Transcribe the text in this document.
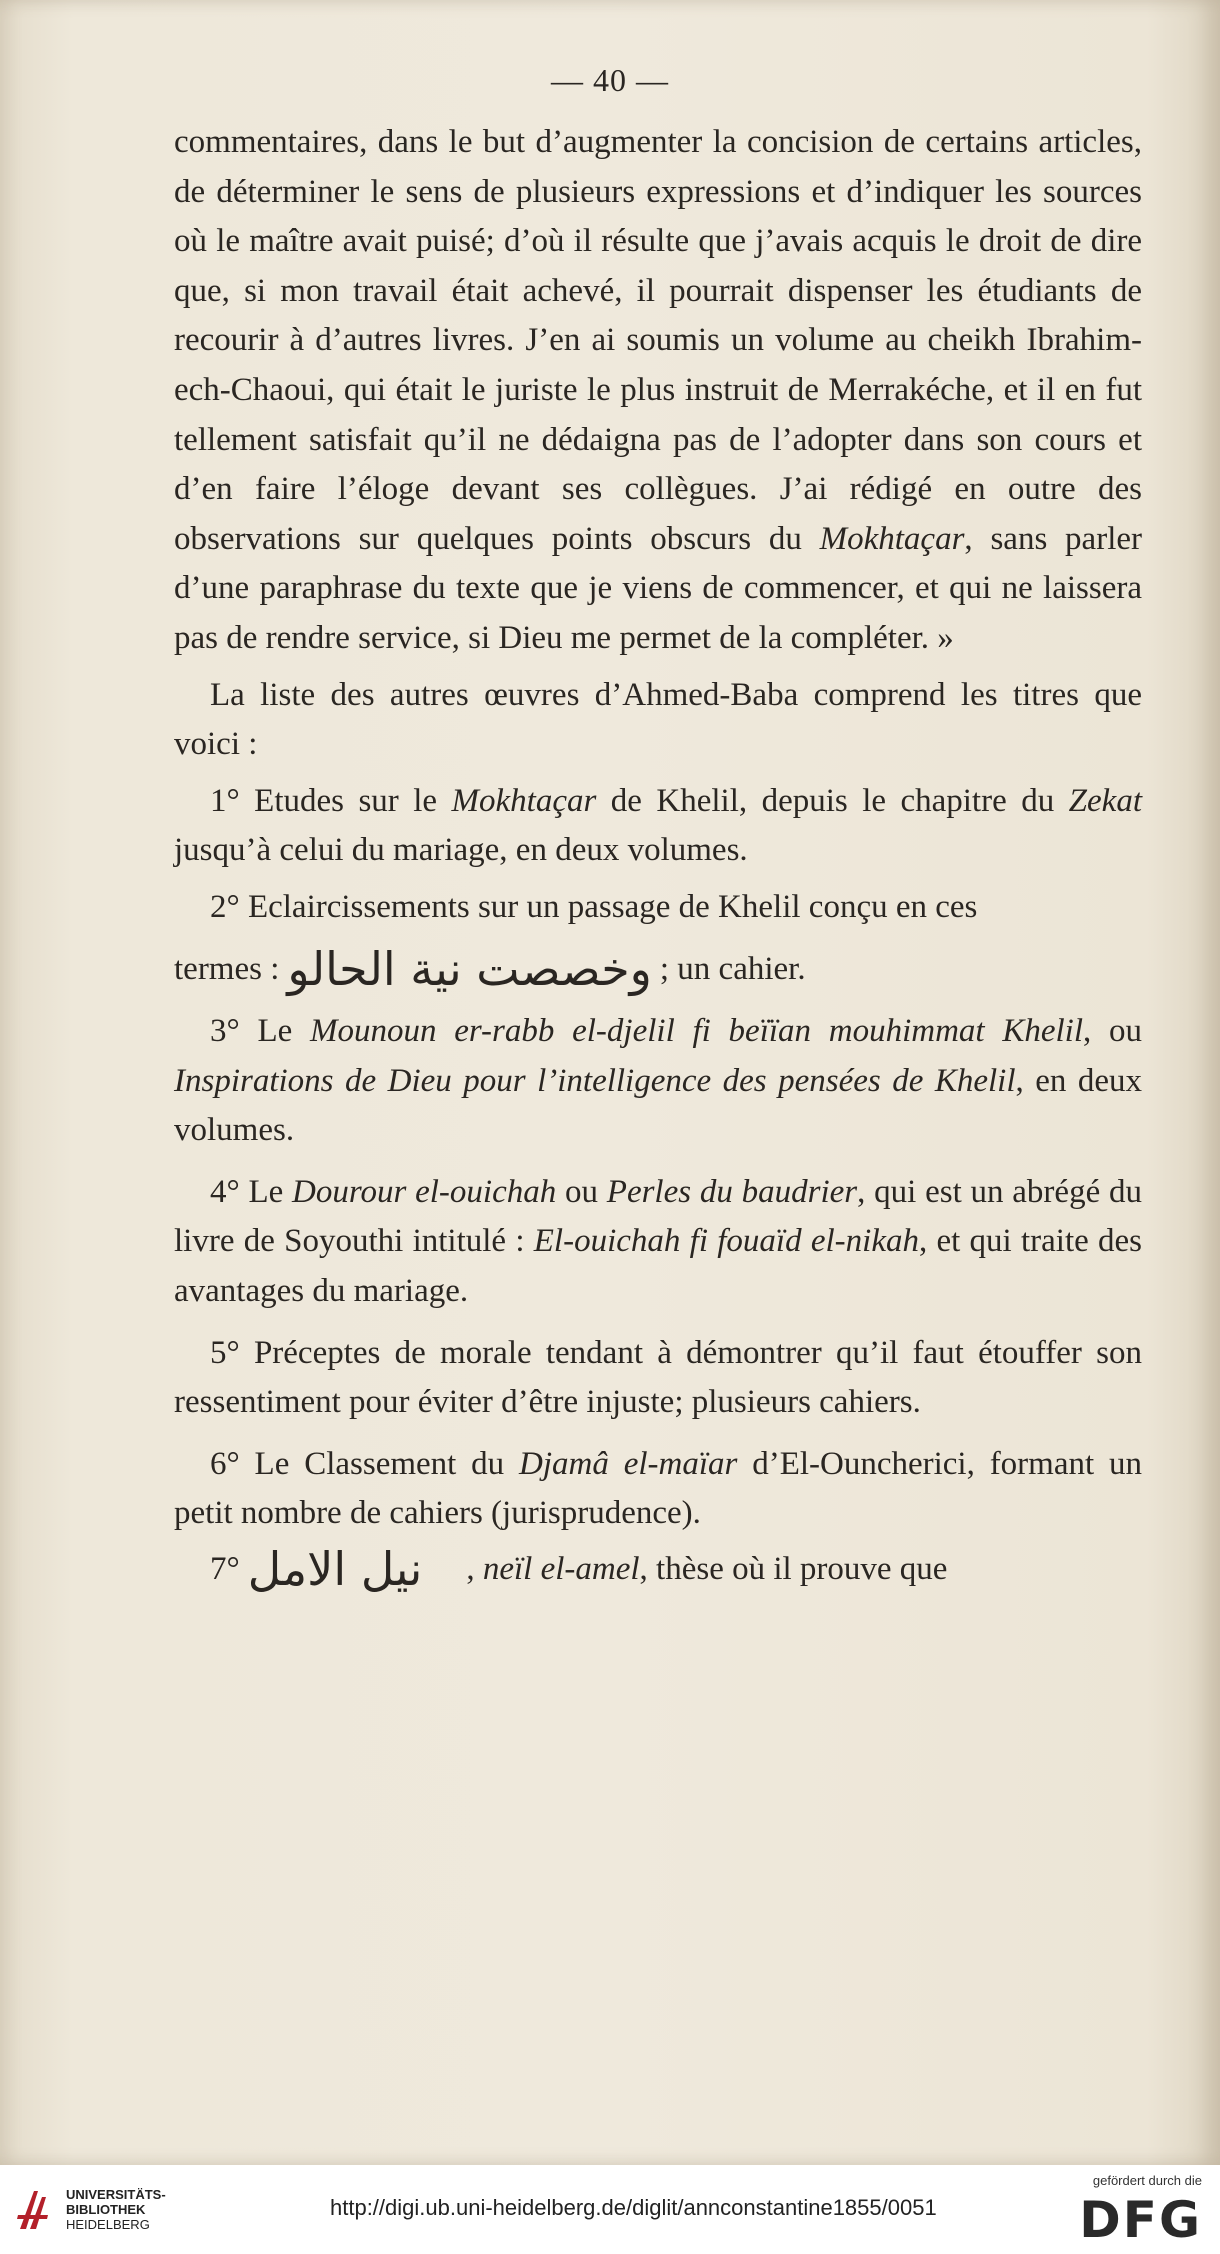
— 40 —

commentaires, dans le but d’augmenter la concision de certains articles, de déterminer le sens de plusieurs expressions et d’indiquer les sources où le maître avait puisé; d’où il résulte que j’avais acquis le droit de dire que, si mon travail était achevé, il pourrait dispenser les étudiants de recourir à d’autres livres. J’en ai soumis un volume au cheikh Ibrahim-ech-Chaoui, qui était le juriste le plus instruit de Merrakéche, et il en fut tellement satisfait qu’il ne dédaigna pas de l’adopter dans son cours et d’en faire l’éloge devant ses collègues. J’ai rédigé en outre des observations sur quelques points obscurs du Mokhtaçar, sans parler d’une paraphrase du texte que je viens de commencer, et qui ne laissera pas de rendre service, si Dieu me permet de la compléter. »

La liste des autres œuvres d’Ahmed-Baba comprend les titres que voici :

1° Etudes sur le Mokhtaçar de Khelil, depuis le chapitre du Zekat jusqu’à celui du mariage, en deux volumes.

2° Eclaircissements sur un passage de Khelil conçu en ces

termes : وخصصت نية الحالو ; un cahier.

3° Le Mounoun er-rabb el-djelil fi beïïan mouhimmat Khelil, ou Inspirations de Dieu pour l’intelligence des pensées de Khelil, en deux volumes.

4° Le Dourour el-ouichah ou Perles du baudrier, qui est un abrégé du livre de Soyouthi intitulé : El-ouichah fi fouaïd el-nikah, et qui traite des avantages du mariage.

5° Préceptes de morale tendant à démontrer qu’il faut étouffer son ressentiment pour éviter d’être injuste; plusieurs cahiers.

6° Le Classement du Djamâ el-maïar d’El-Ouncherici, formant un petit nombre de cahiers (jurisprudence).

7° نيل الامل , neïl el-amel, thèse où il prouve que

UNIVERSITÄTS-
BIBLIOTHEK
HEIDELBERG
http://digi.ub.uni-heidelberg.de/diglit/annconstantine1855/0051
gefördert durch die
DFG
